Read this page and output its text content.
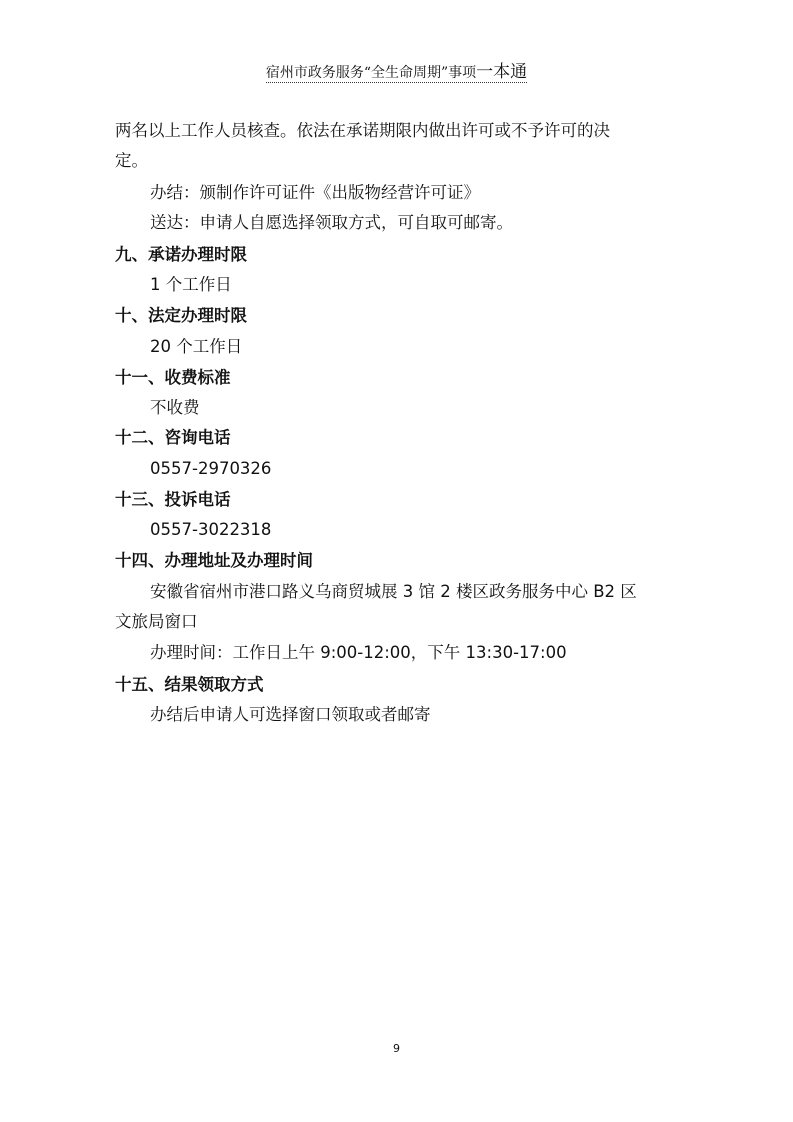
宿州市政务服务“全生命周期”事项一本通
两名以上工作人员核查。依法在承诺期限内做出许可或不予许可的决
定。
办结：颁制作许可证件《出版物经营许可证》
送达：申请人自愿选择领取方式，可自取可邮寄。
九、承诺办理时限
1 个工作日
十、法定办理时限
20 个工作日
十一、收费标准
不收费
十二、咨询电话
0557-2970326
十三、投诉电话
0557-3022318
十四、办理地址及办理时间
安徽省宿州市港口路义乌商贸城展 3 馆 2 楼区政务服务中心 B2 区
文旅局窗口
办理时间：工作日上午 9:00-12:00，下午 13:30-17:00
十五、结果领取方式
办结后申请人可选择窗口领取或者邮寄
9
